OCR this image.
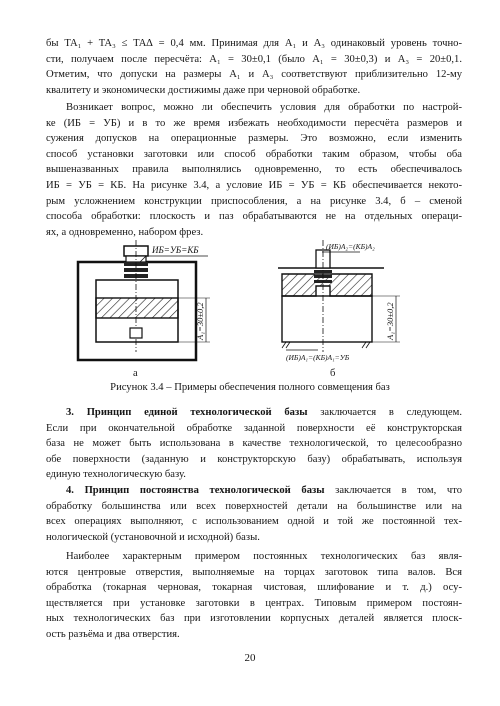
бы TA₁ + TA₃ ≤ TA∆ = 0,4 мм. Принимая для A₁ и A₃ одинаковый уровень точно-
сти, получаем после пересчёта: A₁ = 30±0,1 (было A₁ = 30±0,3) и A₃ = 20±0,1.
Отметим, что допуски на размеры A₁ и A₃ соответствуют приблизительно 12-му
квалитету и экономически достижимы даже при черновой обработке.
Возникает вопрос, можно ли обеспечить условия для обработки по настрой-
ке (ИБ = УБ) и в то же время избежать необходимости пересчёта размеров и
сужения допусков на операционные размеры. Это возможно, если изменить
способ установки заготовки или способ обработки таким образом, чтобы оба
вышеназванных правила выполнялись одновременно, то есть обеспечивалось
ИБ = УБ = КБ. На рисунке 3.4, а условие ИБ = УБ = КБ обеспечивается некото-
рым усложнением конструкции приспособления, а на рисунке 3.4, б – сменой
способа обработки: плоскость и паз обрабатываются не на отдельных операци-
ях, а одновременно, набором фрез.
ИБ=УБ=КБ
A₁=30±0,2
(ИБ)A₂=(КБ)A₂
(ИБ)A₁=(КБ)A₁=УБ
A₁=30±0,2
а	б
Рисунок 3.4 – Примеры обеспечения полного совмещения баз
3. Принцип единой технологической базы заключается в следующем.
Если при окончательной обработке заданной поверхности её конструкторская
база не может быть использована в качестве технологической, то целесообразно
обе поверхности (заданную и конструкторскую базу) обрабатывать, используя
единую технологическую базу.
4. Принцип постоянства технологической базы заключается в том, что
обработку большинства или всех поверхностей детали на большинстве или на
всех операциях выполняют, с использованием одной и той же постоянной тех-
нологической (установочной и исходной) базы.
Наиболее характерным примером постоянных технологических баз явля-
ются центровые отверстия, выполняемые на торцах заготовок типа валов. Вся
обработка (токарная черновая, токарная чистовая, шлифование и т. д.) осу-
ществляется при установке заготовки в центрах. Типовым примером постоян-
ных технологических баз при изготовлении корпусных деталей является плоск-
ость разъёма и два отверстия.
20
